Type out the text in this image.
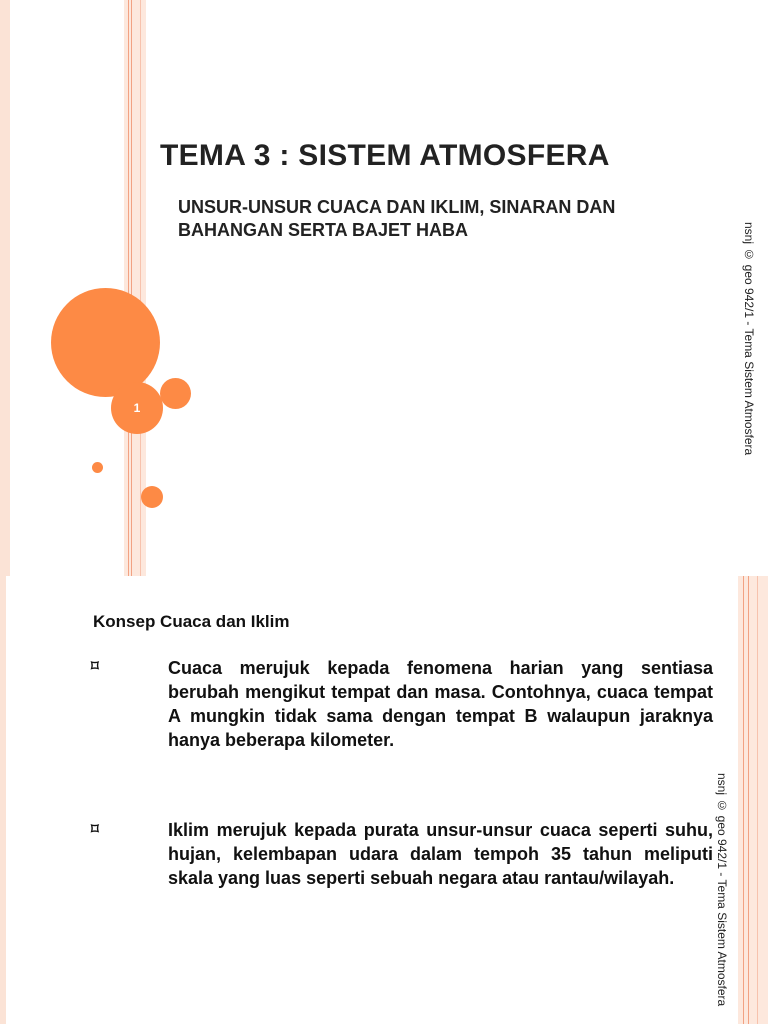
1
TEMA 3 : SISTEM ATMOSFERA

UNSUR-UNSUR CUACA DAN IKLIM, SINARAN DAN BAHANGAN SERTA BAJET HABA	nsnj © geo 942/1 - Tema Sistem Atmosfera
Konsep Cuaca dan Iklim
⌑	Cuaca merujuk kepada fenomena harian yang sentiasa berubah mengikut tempat dan masa. Contohnya, cuaca tempat A mungkin tidak sama dengan tempat B walaupun jaraknya hanya beberapa kilometer.

⌑	Iklim merujuk kepada purata unsur-unsur cuaca seperti suhu, hujan, kelembapan udara dalam tempoh 35 tahun meliputi skala yang luas seperti sebuah negara atau rantau/wilayah.	nsnj © geo 942/1 - Tema Sistem Atmosfera
